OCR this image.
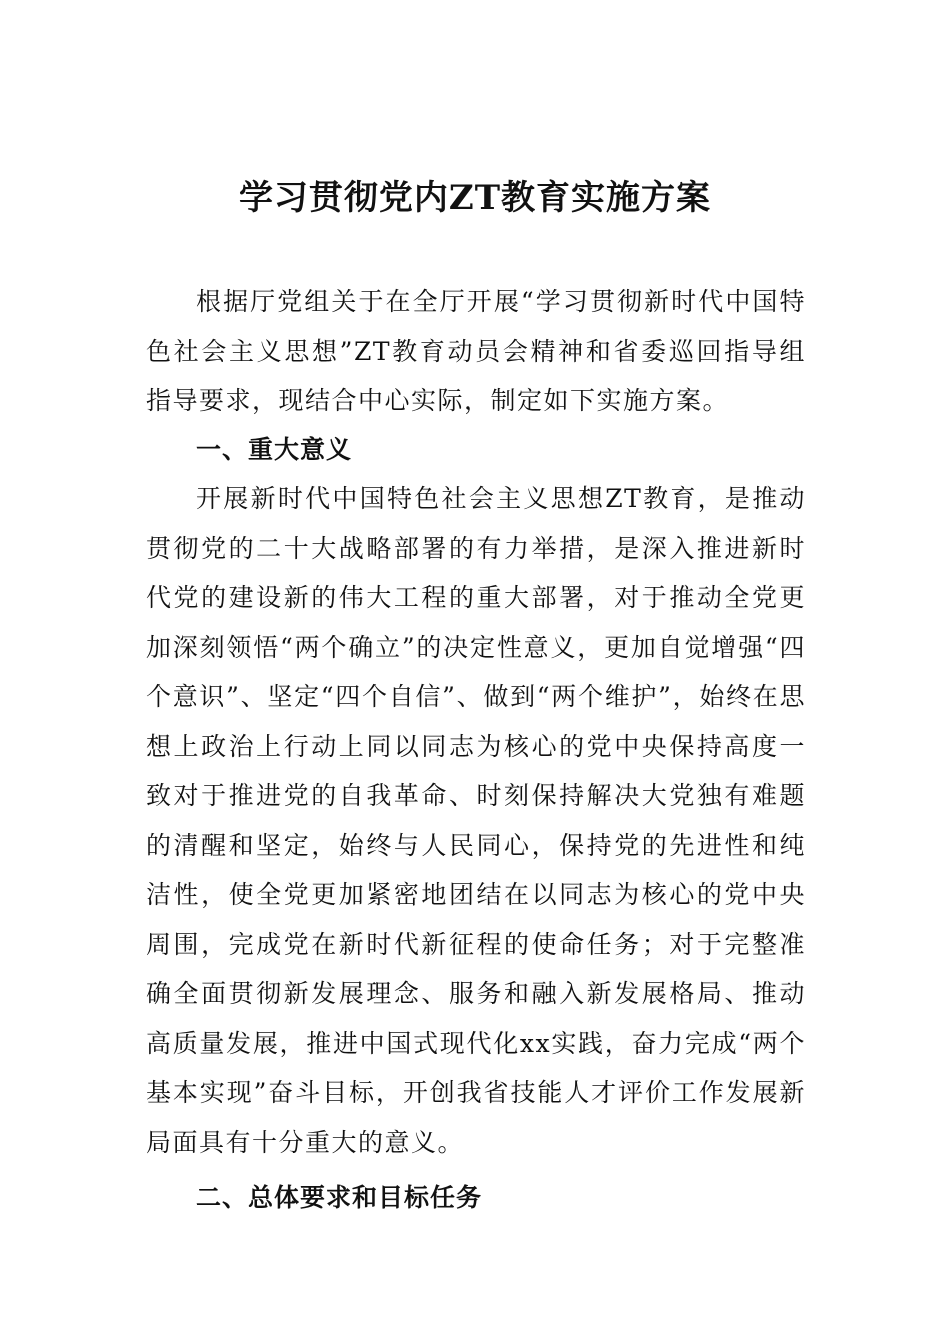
学习贯彻党内ZT教育实施方案

根据厅党组关于在全厅开展“学习贯彻新时代中国特色社会主义思想”ZT教育动员会精神和省委巡回指导组指导要求，现结合中心实际，制定如下实施方案。

一、重大意义

开展新时代中国特色社会主义思想ZT教育，是推动贯彻党的二十大战略部署的有力举措，是深入推进新时代党的建设新的伟大工程的重大部署，对于推动全党更加深刻领悟“两个确立”的决定性意义，更加自觉增强“四个意识”、坚定“四个自信”、做到“两个维护”，始终在思想上政治上行动上同以同志为核心的党中央保持高度一致对于推进党的自我革命、时刻保持解决大党独有难题的清醒和坚定，始终与人民同心，保持党的先进性和纯洁性，使全党更加紧密地团结在以同志为核心的党中央周围，完成党在新时代新征程的使命任务；对于完整准确全面贯彻新发展理念、服务和融入新发展格局、推动高质量发展，推进中国式现代化xx实践，奋力完成“两个基本实现”奋斗目标，开创我省技能人才评价工作发展新局面具有十分重大的意义。

二、总体要求和目标任务
